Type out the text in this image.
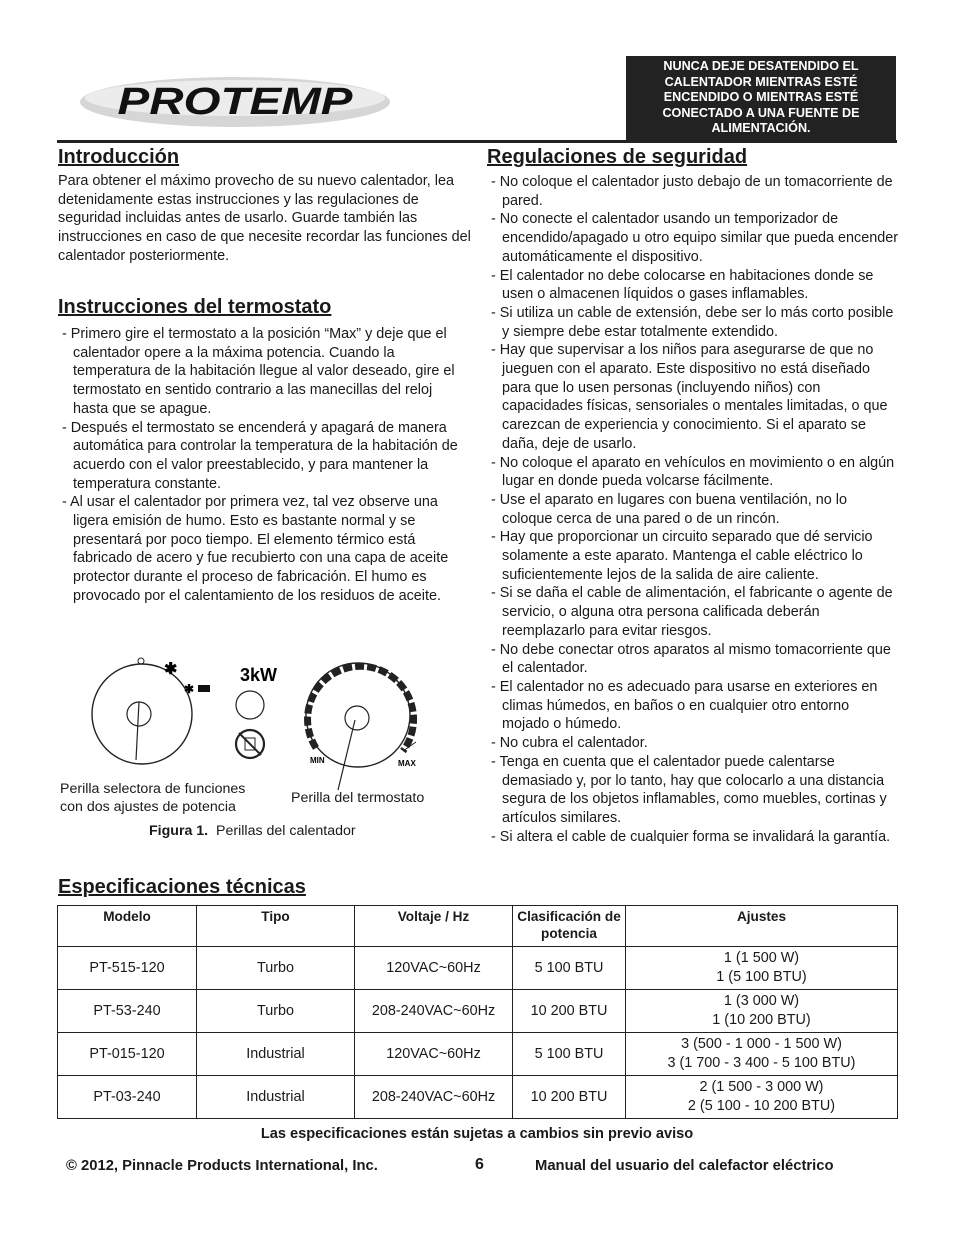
PROTEMP
NUNCA DEJE DESATENDIDO EL CALENTADOR MIENTRAS ESTÉ ENCENDIDO O MIENTRAS ESTÉ CONECTADO A UNA FUENTE DE ALIMENTACIÓN.
Introducción
Para obtener el máximo provecho de su nuevo calentador, lea detenidamente estas instrucciones y las regulaciones de seguridad incluidas antes de usarlo. Guarde también las instrucciones en caso de que necesite recordar las funciones del calentador posteriormente.
Instrucciones del termostato
- Primero gire el termostato a la posición “Max” y deje que el calentador opere a la máxima potencia. Cuando la temperatura de la habitación llegue al valor deseado, gire el termostato en sentido contrario a las manecillas del reloj hasta que se apague.
- Después el termostato se encenderá y apagará de manera automática para controlar la temperatura de la habitación de acuerdo con el valor preestablecido, y para mantener la temperatura constante.
- Al usar el calentador por primera vez, tal vez observe una ligera emisión de humo. Esto es bastante normal y se presentará por poco tiempo. El elemento térmico está fabricado de acero y fue recubierto con una capa de aceite protector durante el proceso de fabricación. El humo es provocado por el calentamiento de los residuos de aceite.
✱
✱
3kW
MIN	MAX
Perilla selectora de funciones
con dos ajustes de potencia
Perilla del termostato
Figura 1. Perillas del calentador
Regulaciones de seguridad
- No coloque el calentador justo debajo de un tomacorriente de pared.
- No conecte el calentador usando un temporizador de encendido/apagado u otro equipo similar que pueda encender automáticamente el dispositivo.
- El calentador no debe colocarse en habitaciones donde se usen o almacenen líquidos o gases inflamables.
- Si utiliza un cable de extensión, debe ser lo más corto posible y siempre debe estar totalmente extendido.
- Hay que supervisar a los niños para asegurarse de que no jueguen con el aparato. Este dispositivo no está diseñado para que lo usen personas (incluyendo niños) con capacidades físicas, sensoriales o mentales limitadas, o que carezcan de experiencia y conocimiento. Si el aparato se daña, deje de usarlo.
- No coloque el aparato en vehículos en movimiento o en algún lugar en donde pueda volcarse fácilmente.
- Use el aparato en lugares con buena ventilación, no lo coloque cerca de una pared o de un rincón.
- Hay que proporcionar un circuito separado que dé servicio solamente a este aparato. Mantenga el cable eléctrico lo suficientemente lejos de la salida de aire caliente.
- Si se daña el cable de alimentación, el fabricante o agente de servicio, o alguna otra persona calificada deberán reemplazarlo para evitar riesgos.
- No debe conectar otros aparatos al mismo tomacorriente que el calentador.
- El calentador no es adecuado para usarse en exteriores en climas húmedos, en baños o en cualquier otro entorno mojado o húmedo.
- No cubra el calentador.
- Tenga en cuenta que el calentador puede calentarse demasiado y, por lo tanto, hay que colocarlo a una distancia segura de los objetos inflamables, como muebles, cortinas y artículos similares.
- Si altera el cable de cualquier forma se invalidará la garantía.
Especificaciones técnicas
Modelo	Tipo	Voltaje / Hz	Clasificación de potencia	Ajustes
PT-515-120	Turbo	120VAC~60Hz	5 100 BTU	1 (1 500 W)
1 (5 100 BTU)
PT-53-240	Turbo	208-240VAC~60Hz	10 200 BTU	1 (3 000 W)
1 (10 200 BTU)
PT-015-120	Industrial	120VAC~60Hz	5 100 BTU	3 (500 - 1 000 - 1 500 W)
3 (1 700 - 3 400 - 5 100 BTU)
PT-03-240	Industrial	208-240VAC~60Hz	10 200 BTU	2 (1 500 - 3 000 W)
2 (5 100 - 10 200 BTU)
Las especificaciones están sujetas a cambios sin previo aviso
© 2012, Pinnacle Products International, Inc.	6	Manual del usuario del calefactor eléctrico
